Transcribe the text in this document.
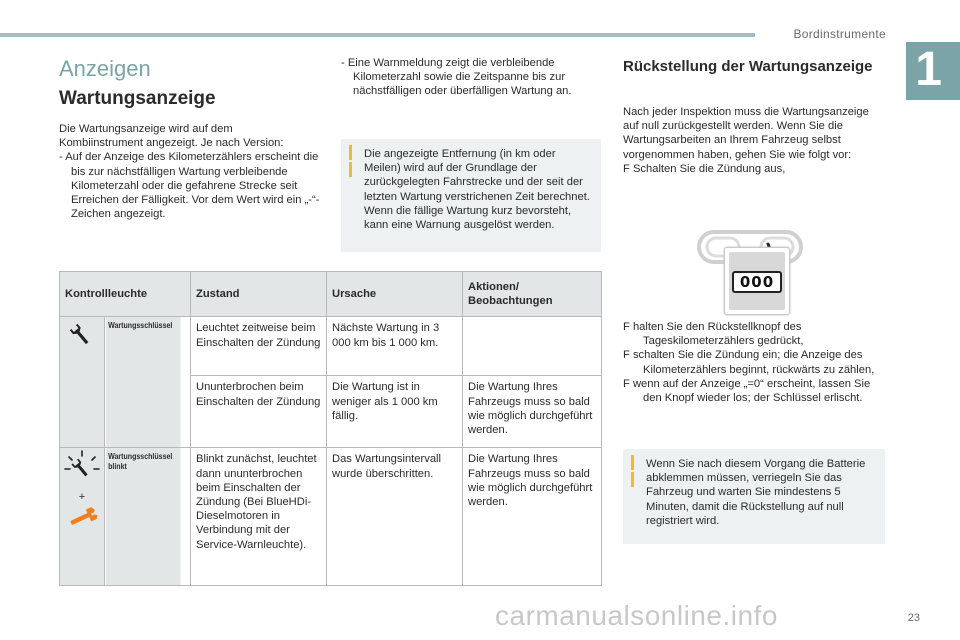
Bordinstrumente
1
Anzeigen
Wartungsanzeige
Die Wartungsanzeige wird auf dem
Kombiinstrument angezeigt. Je nach Version:
- Auf der Anzeige des Kilometerzählers erscheint die bis zur nächstfälligen Wartung verbleibende Kilometerzahl oder die gefahrene Strecke seit Erreichen der Fälligkeit. Vor dem Wert wird ein „-“-Zeichen angezeigt.
- Eine Warnmeldung zeigt die verbleibende Kilometerzahl sowie die Zeitspanne bis zur nächstfälligen oder überfälligen Wartung an.
Die angezeigte Entfernung (in km oder Meilen) wird auf der Grundlage der zurückgelegten Fahrstrecke und der seit der letzten Wartung verstrichenen Zeit berechnet.
Wenn die fällige Wartung kurz bevorsteht, kann eine Warnung ausgelöst werden.
Kontrollleuchte		Zustand	Ursache	Aktionen/ Beobachtungen
	Wartungsschlüssel	Leuchtet zeitweise beim Einschalten der Zündung	Nächste Wartung in 3 000 km bis 1 000 km.	
		Ununterbrochen beim Einschalten der Zündung	Die Wartung ist in weniger als 1 000 km fällig.	Die Wartung Ihres Fahrzeugs muss so bald wie möglich durchgeführt werden.

+	Wartungsschlüssel blinkt	Blinkt zunächst, leuchtet dann ununterbrochen beim Einschalten der Zündung (Bei BlueHDi-Dieselmotoren in Verbindung mit der Service-Warnleuchte).	Das Wartungsintervall wurde überschritten.	Die Wartung Ihres Fahrzeugs muss so bald wie möglich durchgeführt werden.
Rückstellung der Wartungsanzeige
Nach jeder Inspektion muss die Wartungsanzeige auf null zurückgestellt werden. Wenn Sie die Wartungsarbeiten an Ihrem Fahrzeug selbst vorgenommen haben, gehen Sie wie folgt vor:
F Schalten Sie die Zündung aus,
000
F halten Sie den Rückstellknopf des Tageskilometerzählers gedrückt,
F schalten Sie die Zündung ein; die Anzeige des Kilometerzählers beginnt, rückwärts zu zählen,
F wenn auf der Anzeige „=0“ erscheint, lassen Sie den Knopf wieder los; der Schlüssel erlischt.
Wenn Sie nach diesem Vorgang die Batterie abklemmen müssen, verriegeln Sie das Fahrzeug und warten Sie mindestens 5 Minuten, damit die Rückstellung auf null registriert wird.
carmanualsonline.info	23
